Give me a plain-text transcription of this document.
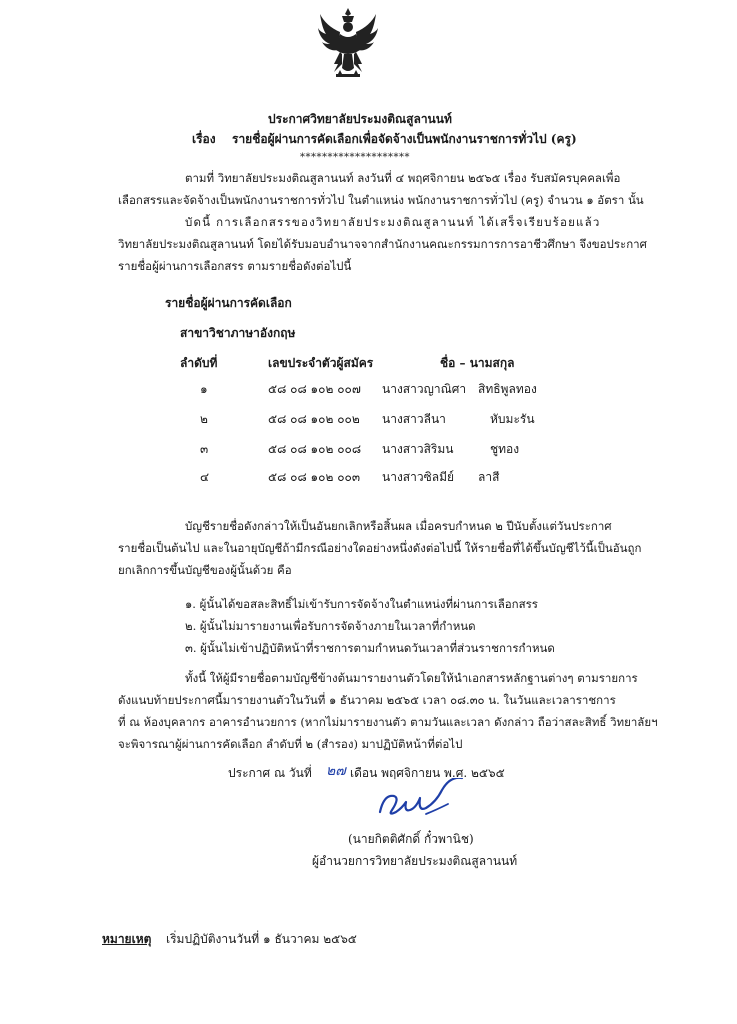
ประกาศวิทยาลัยประมงติณสูลานนท์
เรื่อง รายชื่อผู้ผ่านการคัดเลือกเพื่อจัดจ้างเป็นพนักงานราชการทั่วไป (ครู)
********************
ตามที่ วิทยาลัยประมงติณสูลานนท์ ลงวันที่ ๔ พฤศจิกายน ๒๕๖๕ เรื่อง รับสมัครบุคคลเพื่อ
เลือกสรรและจัดจ้างเป็นพนักงานราชการทั่วไป ในตำแหน่ง พนักงานราชการทั่วไป (ครู) จำนวน ๑ อัตรา นั้น
บัดนี้ การเลือกสรรของวิทยาลัยประมงติณสูลานนท์ ได้เสร็จเรียบร้อยแล้ว
วิทยาลัยประมงติณสูลานนท์ โดยได้รับมอบอำนาจจากสำนักงานคณะกรรมการการอาชีวศึกษา จึงขอประกาศ
รายชื่อผู้ผ่านการเลือกสรร ตามรายชื่อดังต่อไปนี้
รายชื่อผู้ผ่านการคัดเลือก
สาขาวิชาภาษาอังกฤษ
ลำดับที่	เลขประจำตัวผู้สมัคร	ชื่อ – นามสกุล
๑	๕๘ ๐๘ ๑๐๒ ๐๐๗ นางสาวญาณิศา สิทธิพูลทอง
๒	๕๘ ๐๘ ๑๐๒ ๐๐๒ นางสาวลีนา	หับมะรัน
๓	๕๘ ๐๘ ๑๐๒ ๐๐๘ นางสาวสิริมน	ชูทอง
๔	๕๘ ๐๘ ๑๐๒ ๐๐๓ นางสาวซิลมีย์ ลาสี
บัญชีรายชื่อดังกล่าวให้เป็นอันยกเลิกหรือสิ้นผล เมื่อครบกำหนด ๒ ปีนับตั้งแต่วันประกาศ
รายชื่อเป็นต้นไป และในอายุบัญชีถ้ามีกรณีอย่างใดอย่างหนึ่งดังต่อไปนี้ ให้รายชื่อที่ได้ขึ้นบัญชีไว้นี้เป็นอันถูก
ยกเลิกการขึ้นบัญชีของผู้นั้นด้วย คือ
๑. ผู้นั้นได้ขอสละสิทธิ์ไม่เข้ารับการจัดจ้างในตำแหน่งที่ผ่านการเลือกสรร
๒. ผู้นั้นไม่มารายงานเพื่อรับการจัดจ้างภายในเวลาที่กำหนด
๓. ผู้นั้นไม่เข้าปฏิบัติหน้าที่ราชการตามกำหนดวันเวลาที่ส่วนราชการกำหนด
ทั้งนี้ ให้ผู้มีรายชื่อตามบัญชีข้างต้นมารายงานตัวโดยให้นำเอกสารหลักฐานต่างๆ ตามรายการ
ดังแนบท้ายประกาศนี้มารายงานตัวในวันที่ ๑ ธันวาคม ๒๕๖๕ เวลา ๐๘.๓๐ น. ในวันและเวลาราชการ
ที่ ณ ห้องบุคลากร อาคารอำนวยการ (หากไม่มารายงานตัว ตามวันและเวลา ดังกล่าว ถือว่าสละสิทธิ์ วิทยาลัยฯ
จะพิจารณาผู้ผ่านการคัดเลือก ลำดับที่ ๒ (สำรอง) มาปฏิบัติหน้าที่ต่อไป
ประกาศ ณ วันที่ ๒๗ เดือน พฤศจิกายน พ.ศ. ๒๕๖๕
(นายกิตติศักดิ์ กั๋วพานิช)
ผู้อำนวยการวิทยาลัยประมงติณสูลานนท์
หมายเหตุ เริ่มปฏิบัติงานวันที่ ๑ ธันวาคม ๒๕๖๕
